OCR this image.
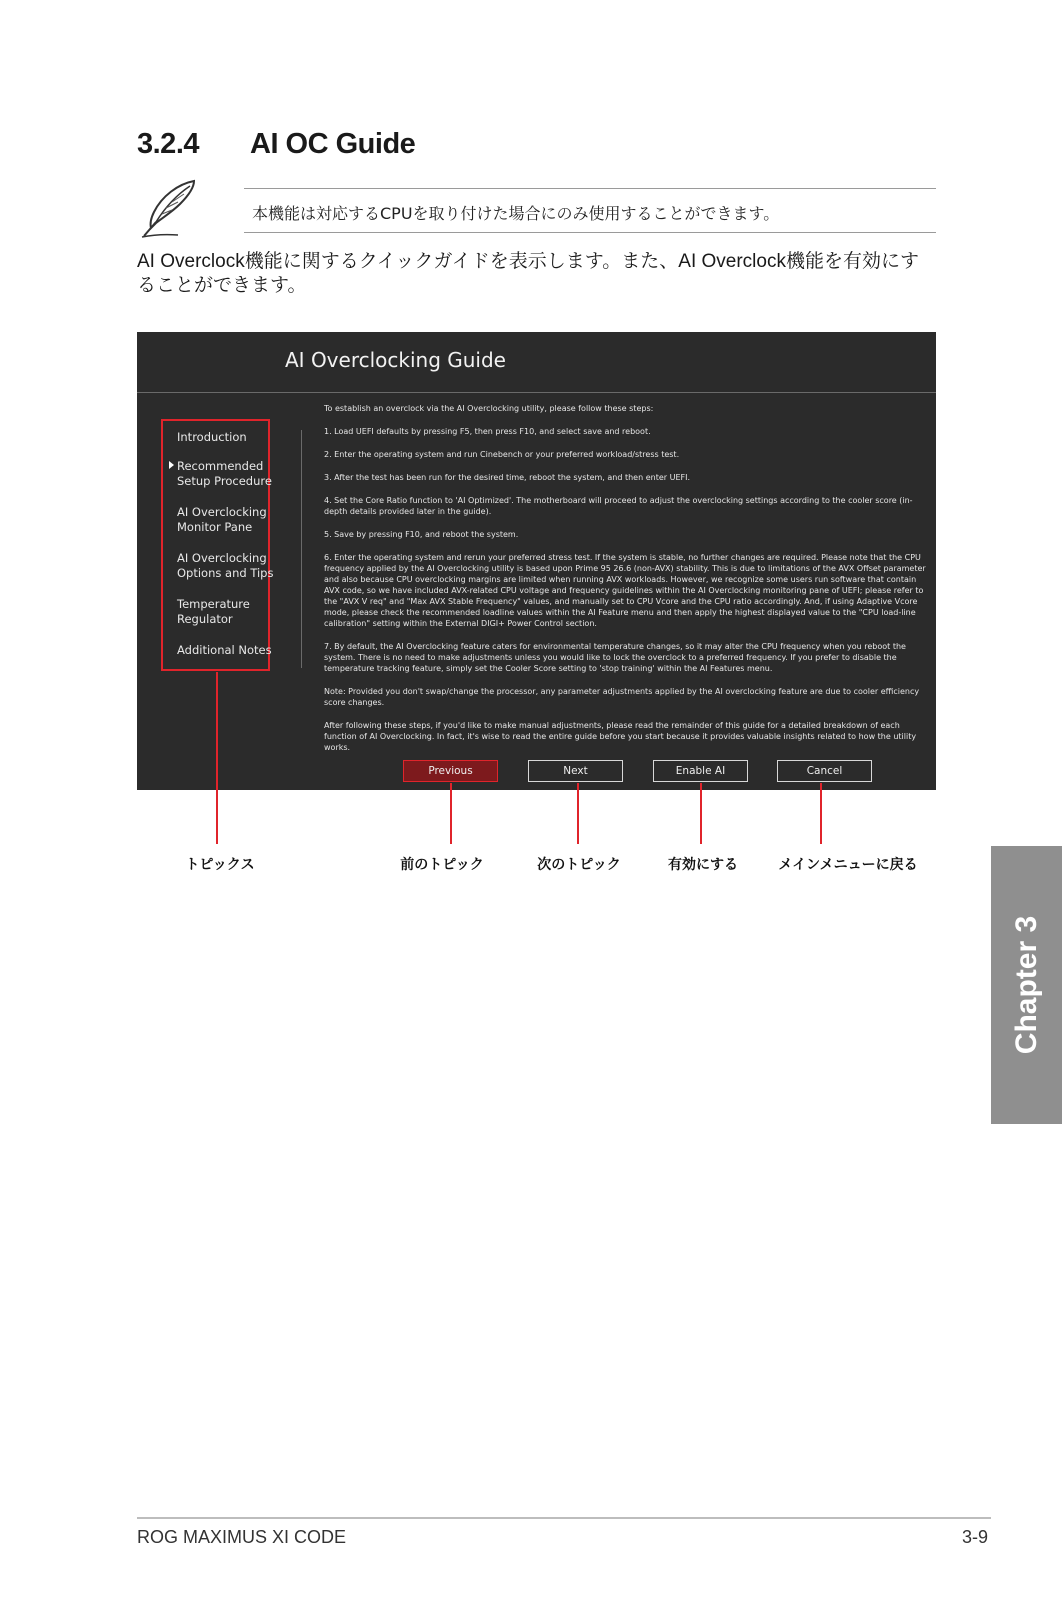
3.2.4 AI OC Guide
本機能は対応するCPUを取り付けた場合にのみ使用することができます。
AI Overclock機能に関するクイックガイドを表示します。また、AI Overclock機能を有効にすることができます。
AI Overclocking Guide
Introduction
Recommended Setup Procedure
AI Overclocking Monitor Pane
AI Overclocking Options and Tips
Temperature Regulator
Additional Notes

To establish an overclock via the AI Overclocking utility, please follow these steps:

1. Load UEFI defaults by pressing F5, then press F10, and select save and reboot.

2. Enter the operating system and run Cinebench or your preferred workload/stress test.

3. After the test has been run for the desired time, reboot the system, and then enter UEFI.

4. Set the Core Ratio function to 'AI Optimized'. The motherboard will proceed to adjust the overclocking settings according to the cooler score (in-depth details provided later in the guide).

5. Save by pressing F10, and reboot the system.

6. Enter the operating system and rerun your preferred stress test. If the system is stable, no further changes are required. Please note that the CPU frequency applied by the AI Overclocking utility is based upon Prime 95 26.6 (non-AVX) stability. This is due to limitations of the AVX Offset parameter and also because CPU overclocking margins are limited when running AVX workloads. However, we recognize some users run software that contain AVX code, so we have included AVX-related CPU voltage and frequency guidelines within the AI Overclocking monitoring pane of UEFI; please refer to the "AVX V req" and "Max AVX Stable Frequency" values, and manually set to CPU Vcore and the CPU ratio accordingly. And, if using Adaptive Vcore mode, please check the recommended loadline values within the AI Feature menu and then apply the highest displayed value to the "CPU load-line calibration" setting within the External DIGI+ Power Control section.

7. By default, the AI Overclocking feature caters for environmental temperature changes, so it may alter the CPU frequency when you reboot the system. There is no need to make adjustments unless you would like to lock the overclock to a preferred frequency. If you prefer to disable the temperature tracking feature, simply set the Cooler Score setting to 'stop training' within the AI Features menu.

Note: Provided you don't swap/change the processor, any parameter adjustments applied by the AI overclocking feature are due to cooler efficiency score changes.

After following these steps, if you'd like to make manual adjustments, please read the remainder of this guide for a detailed breakdown of each function of AI Overclocking. In fact, it's wise to read the entire guide before you start because it provides valuable insights related to how the utility works.

Previous	Next	Enable AI	Cancel
トピックス	前のトピック	次のトピック	有効にする	メインメニューに戻る
Chapter 3
ROG MAXIMUS XI CODE	3-9
